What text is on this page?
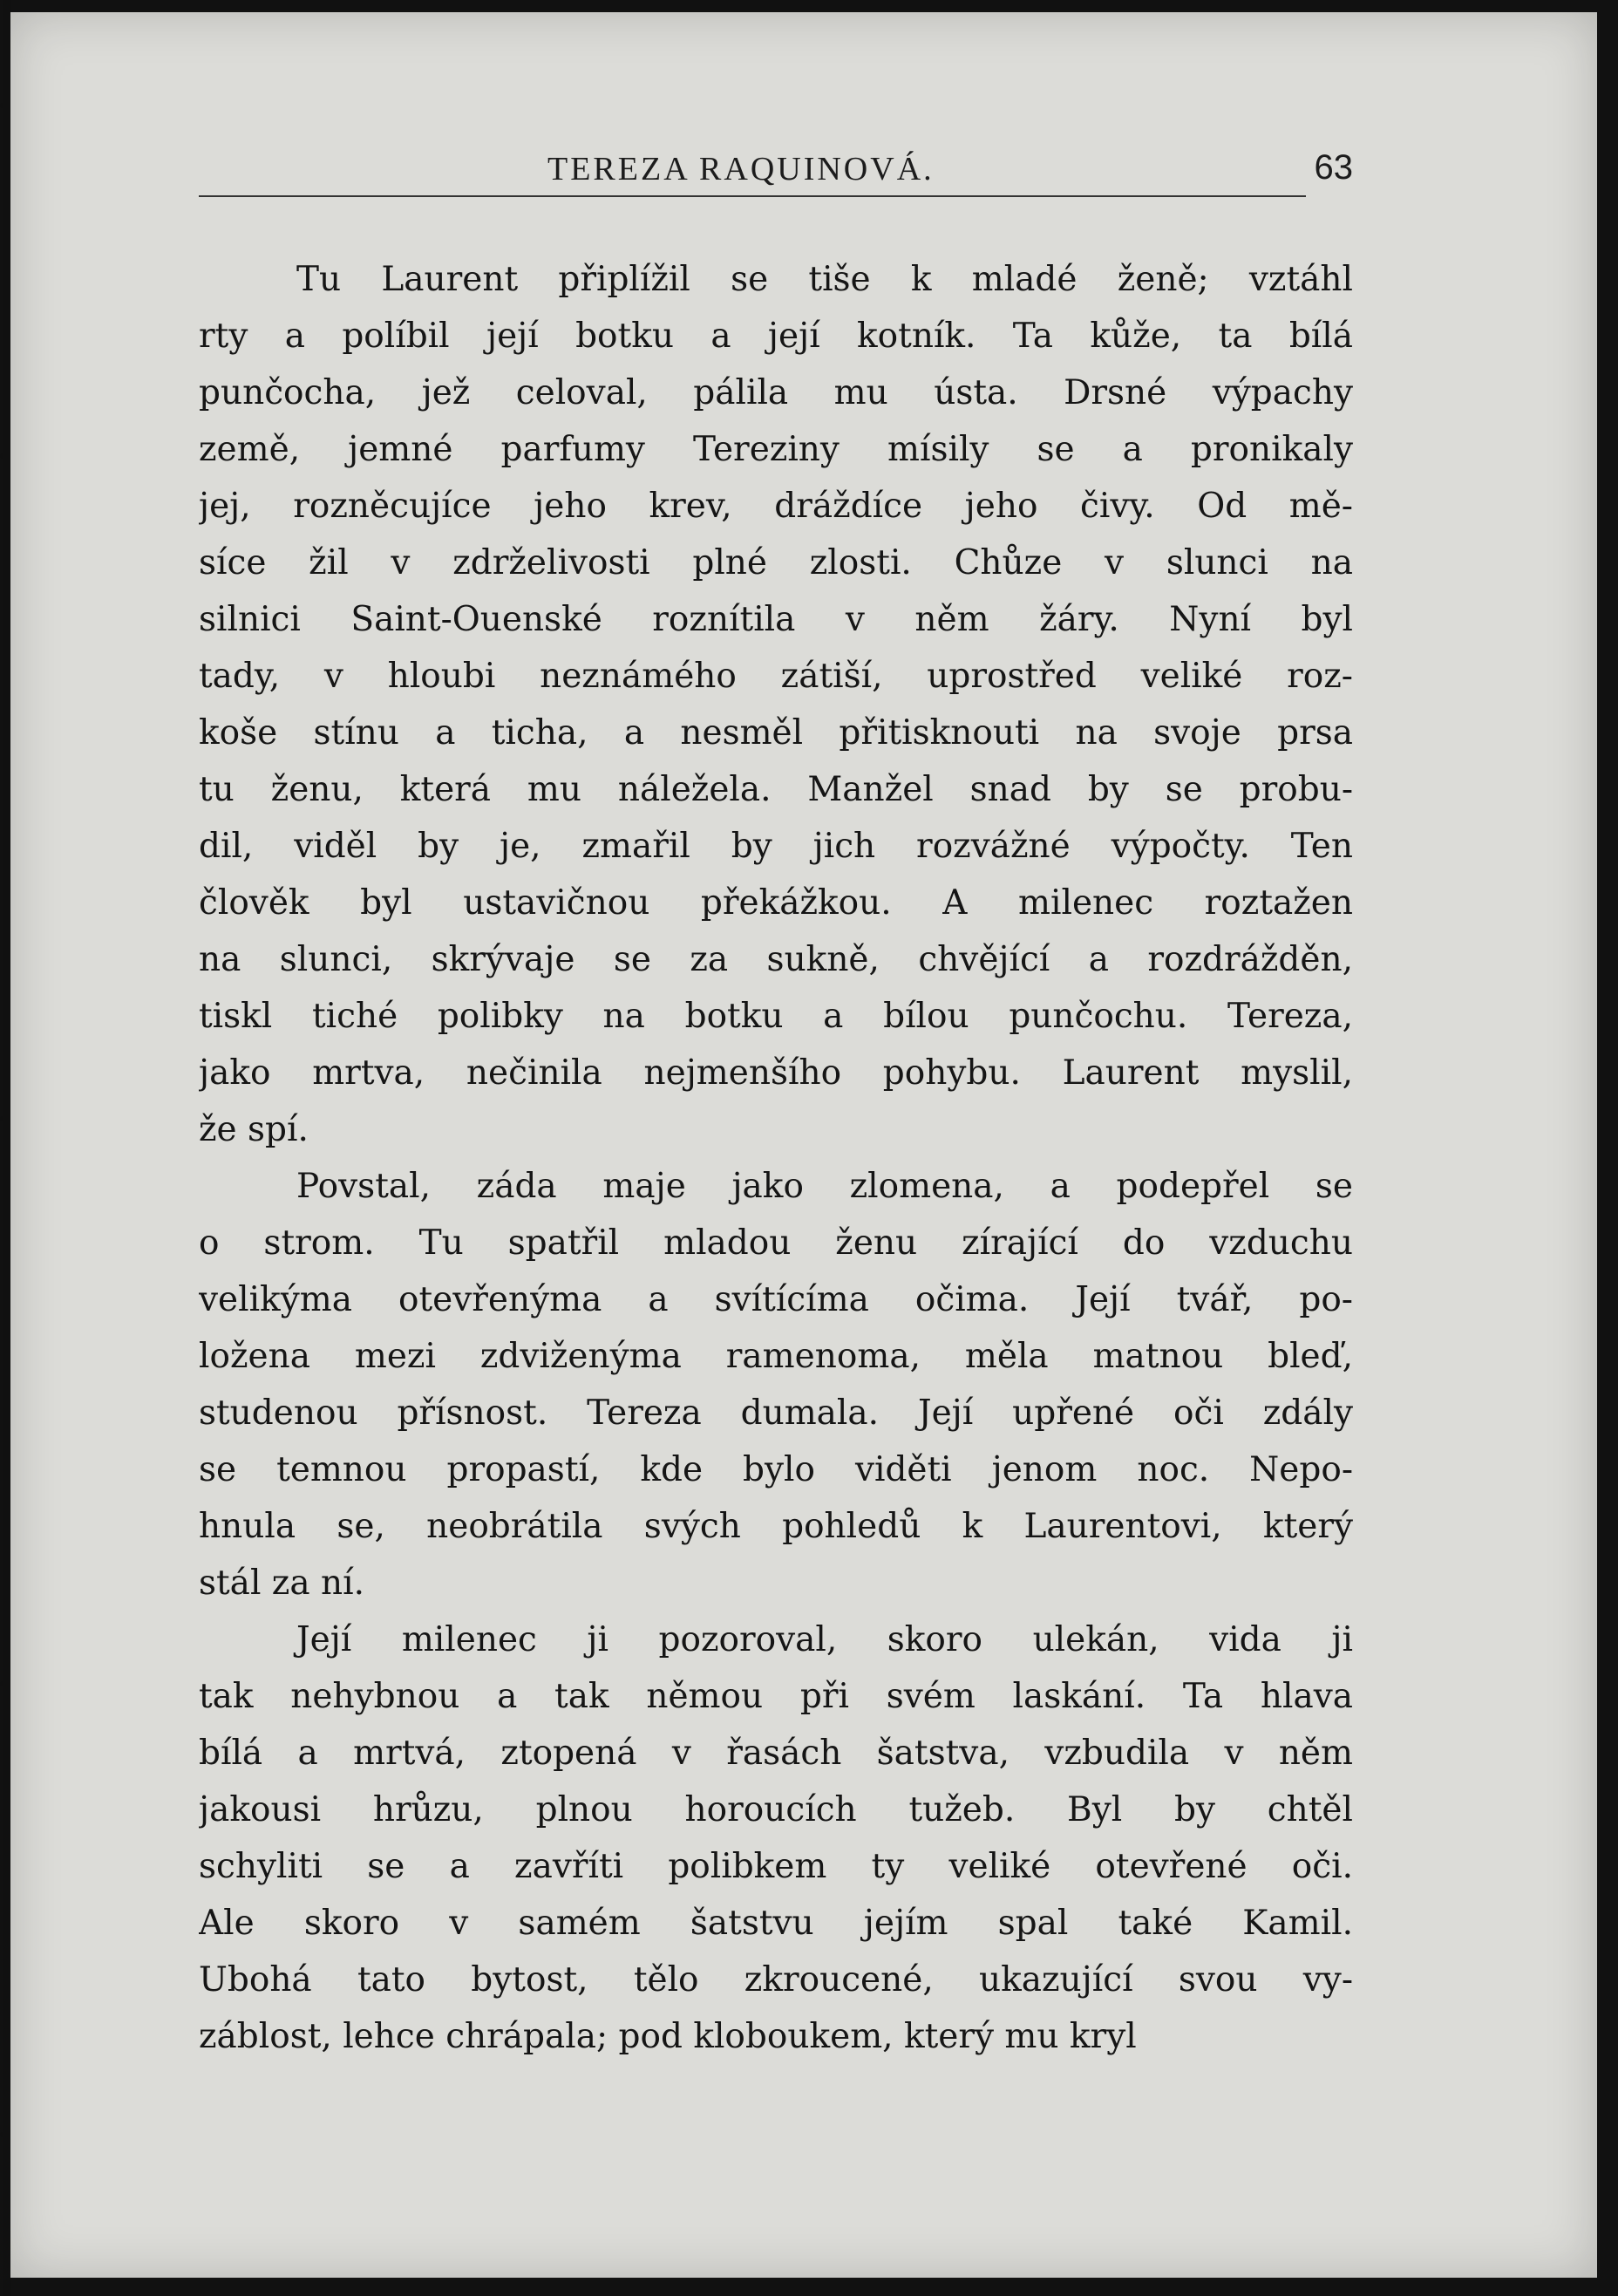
TEREZA RAQUINOVÁ.	63
Tu Laurent připlížil se tiše k mladé ženě; vztáhl
rty a políbil její botku a její kotník. Ta kůže, ta bílá
punčocha, jež celoval, pálila mu ústa. Drsné výpachy
země, jemné parfumy Tereziny mísily se a pronikaly
jej, rozněcujíce jeho krev, dráždíce jeho čivy. Od mě-
síce žil v zdrželivosti plné zlosti. Chůze v slunci na
silnici Saint-Ouenské roznítila v něm žáry. Nyní byl
tady, v hloubi neznámého zátiší, uprostřed veliké roz-
koše stínu a ticha, a nesměl přitisknouti na svoje prsa
tu ženu, která mu náležela. Manžel snad by se probu-
dil, viděl by je, zmařil by jich rozvážné výpočty. Ten
člověk byl ustavičnou překážkou. A milenec roztažen
na slunci, skrývaje se za sukně, chvějící a rozdrážděn,
tiskl tiché polibky na botku a bílou punčochu. Tereza,
jako mrtva, nečinila nejmenšího pohybu. Laurent myslil,
že spí.
Povstal, záda maje jako zlomena, a podepřel se
o strom. Tu spatřil mladou ženu zírající do vzduchu
velikýma otevřenýma a svítícíma očima. Její tvář, po-
ložena mezi zdviženýma ramenoma, měla matnou bleď,
studenou přísnost. Tereza dumala. Její upřené oči zdály
se temnou propastí, kde bylo viděti jenom noc. Nepo-
hnula se, neobrátila svých pohledů k Laurentovi, který
stál za ní.
Její milenec ji pozoroval, skoro ulekán, vida ji
tak nehybnou a tak němou při svém laskání. Ta hlava
bílá a mrtvá, ztopená v řasách šatstva, vzbudila v něm
jakousi hrůzu, plnou horoucích tužeb. Byl by chtěl
schyliti se a zavříti polibkem ty veliké otevřené oči.
Ale skoro v samém šatstvu jejím spal také Kamil.
Ubohá tato bytost, tělo zkroucené, ukazující svou vy-
záblost, lehce chrápala; pod kloboukem, který mu kryl
